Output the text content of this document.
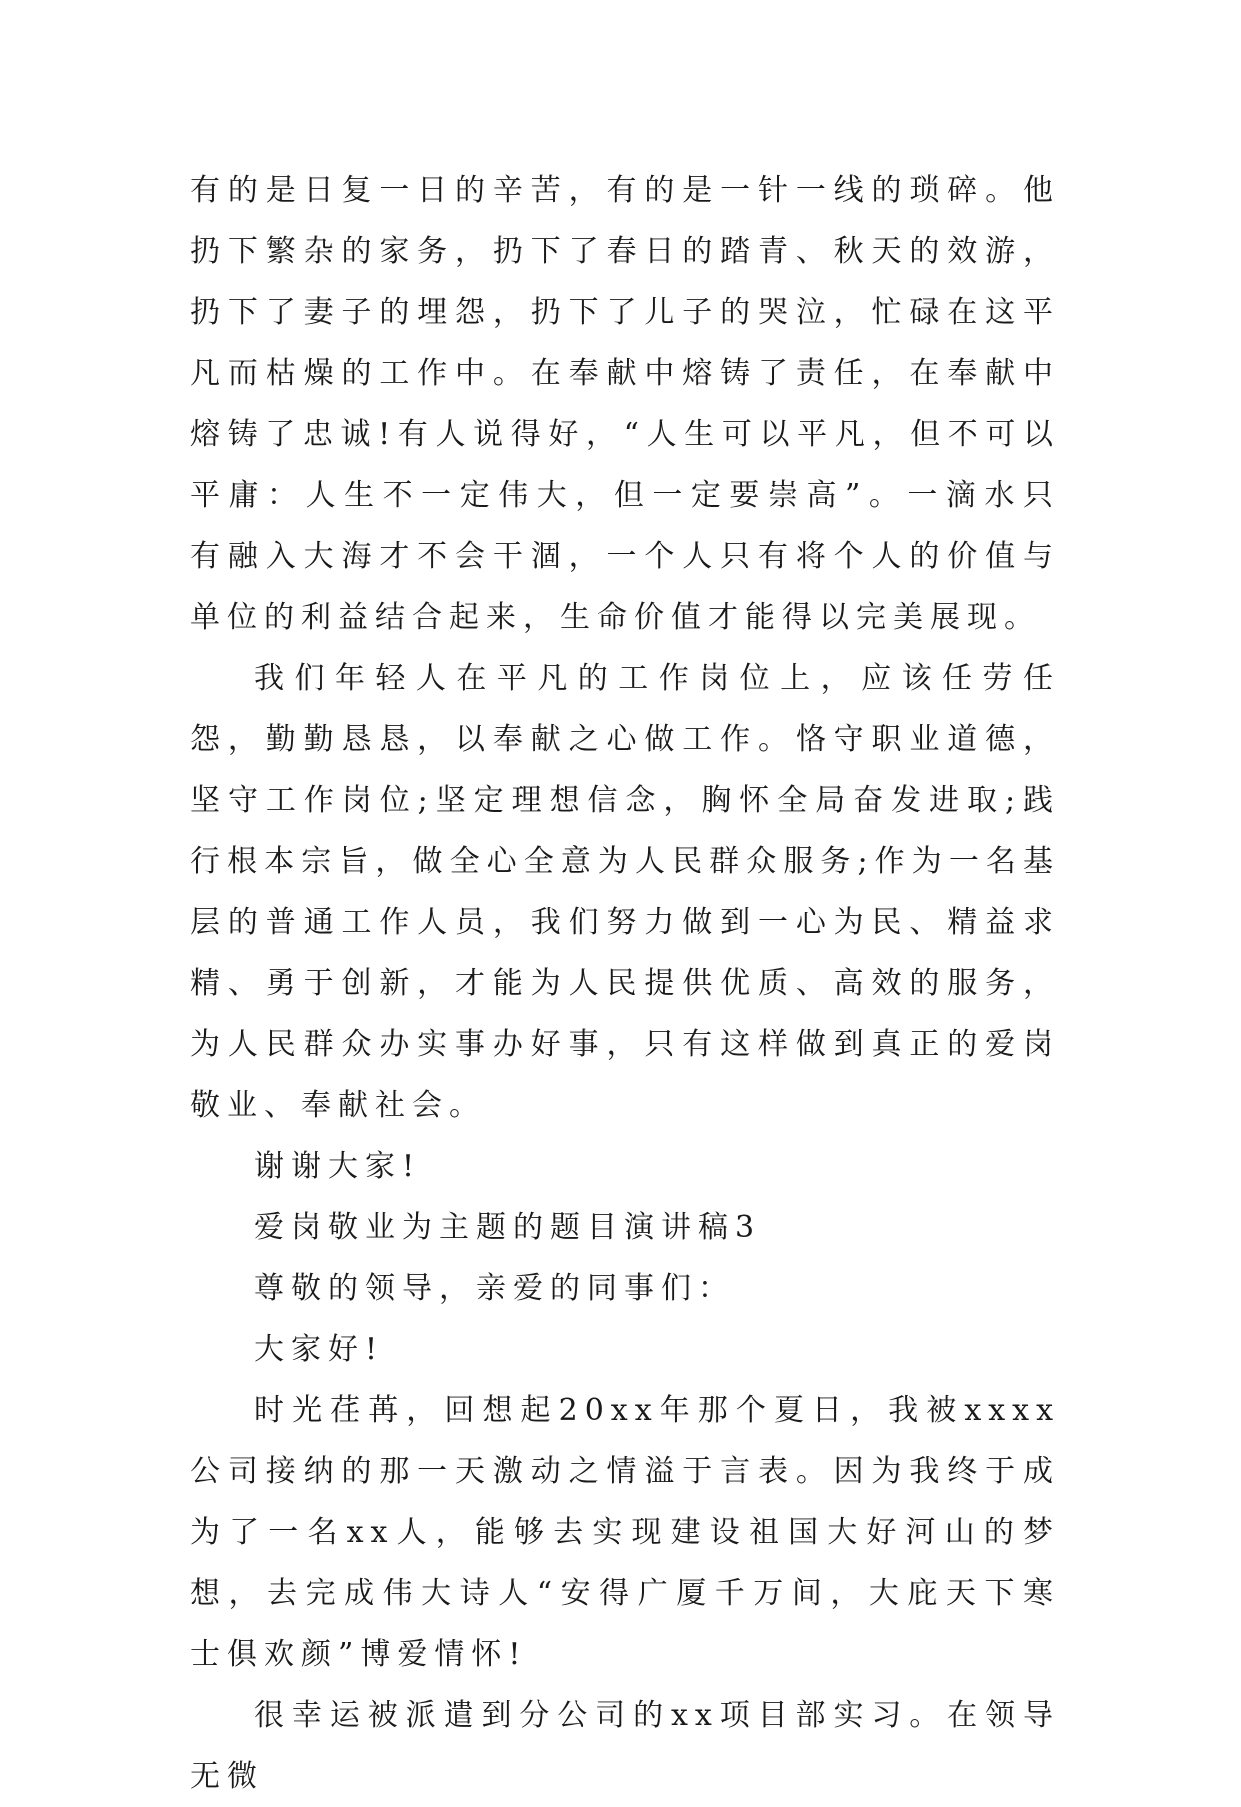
有的是日复一日的辛苦，有的是一针一线的琐碎。他扔下繁杂的家务，扔下了春日的踏青、秋天的效游，扔下了妻子的埋怨，扔下了儿子的哭泣，忙碌在这平凡而枯燥的工作中。在奉献中熔铸了责任，在奉献中熔铸了忠诚!有人说得好，“人生可以平凡，但不可以平庸：人生不一定伟大，但一定要崇高”。一滴水只有融入大海才不会干涸，一个人只有将个人的价值与单位的利益结合起来，生命价值才能得以完美展现。

我们年轻人在平凡的工作岗位上，应该任劳任怨，勤勤恳恳，以奉献之心做工作。恪守职业道德，坚守工作岗位;坚定理想信念，胸怀全局奋发进取;践行根本宗旨，做全心全意为人民群众服务;作为一名基层的普通工作人员，我们努力做到一心为民、精益求精、勇于创新，才能为人民提供优质、高效的服务，为人民群众办实事办好事，只有这样做到真正的爱岗敬业、奉献社会。

谢谢大家!

爱岗敬业为主题的题目演讲稿3

尊敬的领导，亲爱的同事们：

大家好!

时光荏苒，回想起20xx年那个夏日，我被xxxx公司接纳的那一天激动之情溢于言表。因为我终于成为了一名xx人，能够去实现建设祖国大好河山的梦想，去完成伟大诗人“安得广厦千万间，大庇天下寒士俱欢颜”博爱情怀!

很幸运被派遣到分公司的xx项目部实习。在领导无微
